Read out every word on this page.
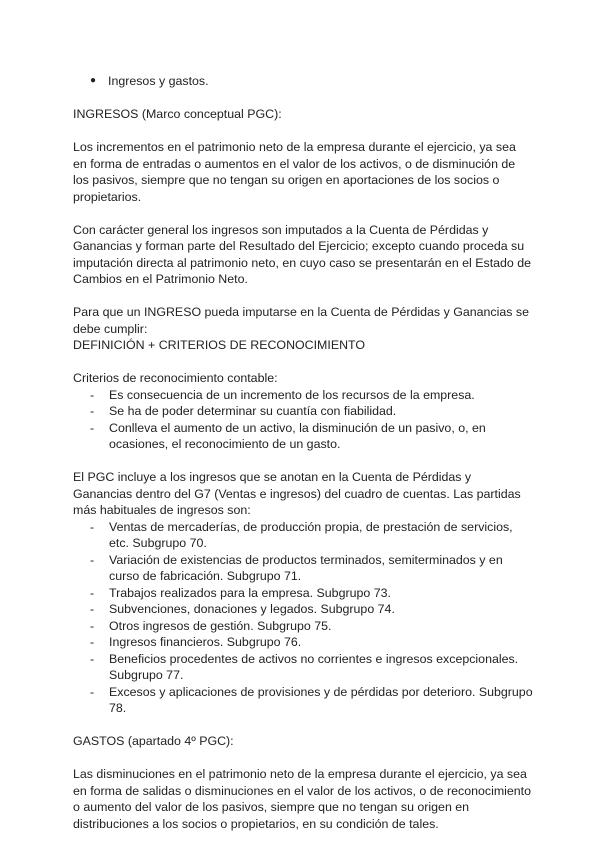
● Ingresos y gastos.

INGRESOS (Marco conceptual PGC):

Los incrementos en el patrimonio neto de la empresa durante el ejercicio, ya sea en forma de entradas o aumentos en el valor de los activos, o de disminución de los pasivos, siempre que no tengan su origen en aportaciones de los socios o propietarios.

Con carácter general los ingresos son imputados a la Cuenta de Pérdidas y Ganancias y forman parte del Resultado del Ejercicio; excepto cuando proceda su imputación directa al patrimonio neto, en cuyo caso se presentarán en el Estado de Cambios en el Patrimonio Neto.

Para que un INGRESO pueda imputarse en la Cuenta de Pérdidas y Ganancias se debe cumplir:

DEFINICIÓN + CRITERIOS DE RECONOCIMIENTO

Criterios de reconocimiento contable:

- Es consecuencia de un incremento de los recursos de la empresa.
- Se ha de poder determinar su cuantía con fiabilidad.
- Conlleva el aumento de un activo, la disminución de un pasivo, o, en ocasiones, el reconocimiento de un gasto.

El PGC incluye a los ingresos que se anotan en la Cuenta de Pérdidas y Ganancias dentro del G7 (Ventas e ingresos) del cuadro de cuentas. Las partidas más habituales de ingresos son:

- Ventas de mercaderías, de producción propia, de prestación de servicios, etc. Subgrupo 70.
- Variación de existencias de productos terminados, semiterminados y en curso de fabricación. Subgrupo 71.
- Trabajos realizados para la empresa. Subgrupo 73.
- Subvenciones, donaciones y legados. Subgrupo 74.
- Otros ingresos de gestión. Subgrupo 75.
- Ingresos financieros. Subgrupo 76.
- Beneficios procedentes de activos no corrientes e ingresos excepcionales. Subgrupo 77.
- Excesos y aplicaciones de provisiones y de pérdidas por deterioro. Subgrupo 78.

GASTOS (apartado 4º PGC):

Las disminuciones en el patrimonio neto de la empresa durante el ejercicio, ya sea en forma de salidas o disminuciones en el valor de los activos, o de reconocimiento o aumento del valor de los pasivos, siempre que no tengan su origen en distribuciones a los socios o propietarios, en su condición de tales.
